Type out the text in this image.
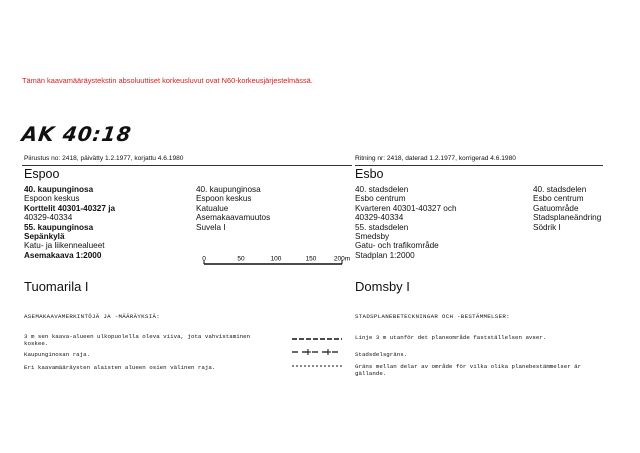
Tämän kaavamääräystekstin absoluuttiset korkeusluvut ovat N60-korkeusjärjestelmässä.
AK 40:18
Piirustus no: 2418, päivätty 1.2.1977, korjattu 4.6.1980
Espoo
40. kaupunginosa
Espoon keskus
Korttelit 40301-40327 ja
40329-40334
55. kaupunginosa
Sepänkylä
Katu- ja liikennealueet
Asemakaava 1:2000
40. kaupunginosa
Espoon keskus
Katualue
Asemakaavamuutos
Suvela I
0	50	100	150	200m
Tuomarila I
Ritning nr: 2418, daterad 1.2.1977, korrigerad 4.6.1980
Esbo
40. stadsdelen
Esbo centrum
Kvarteren 40301-40327 och
40329-40334
55. stadsdelen
Smedsby
Gatu- och trafikområde
Stadplan 1:2000
40. stadsdelen
Esbo centrum
Gatuområde
Stadsplaneändring
Södrik I
Domsby I
ASEMAKAAVAMERKINTÖJÄ JA -MÄÄRÄYKSIÄ:
3 m sen kaava-alueen ulkopuolella oleva viiva, jota vahvistaminen
koskee.
Kaupunginosan raja.
Eri kaavamääräysten alaisten alueen osien välinen raja.
STADSPLANEBETECKNINGAR OCH -BESTÄMMELSER:
Linje 3 m utanför det planeområde fastställelsen avser.
Stadsdelsgräns.
Gräns mellan delar av område för vilka olika planebestämmelser är
gällande.
